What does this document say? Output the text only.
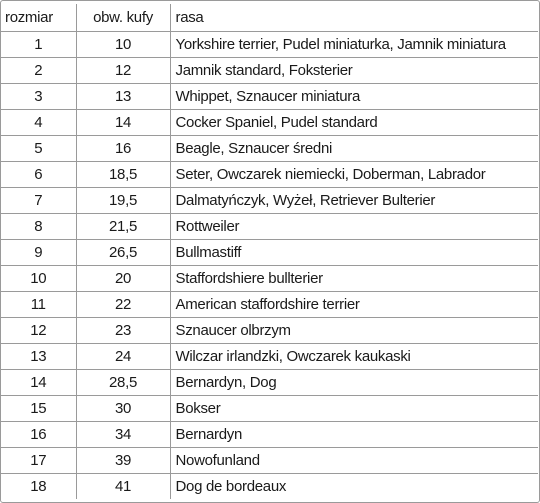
rozmiar	obw. kufy	rasa
1	10	Yorkshire terrier, Pudel miniaturka, Jamnik miniatura
2	12	Jamnik standard, Foksterier
3	13	Whippet, Sznaucer miniatura
4	14	Cocker Spaniel, Pudel standard
5	16	Beagle, Sznaucer średni
6	18,5	Seter, Owczarek niemiecki, Doberman, Labrador
7	19,5	Dalmatyńczyk, Wyżeł, Retriever Bulterier
8	21,5	Rottweiler
9	26,5	Bullmastiff
10	20	Staffordshiere bullterier
11	22	American staffordshire terrier
12	23	Sznaucer olbrzym
13	24	Wilczar irlandzki, Owczarek kaukaski
14	28,5	Bernardyn, Dog
15	30	Bokser
16	34	Bernardyn
17	39	Nowofunland
18	41	Dog de bordeaux
